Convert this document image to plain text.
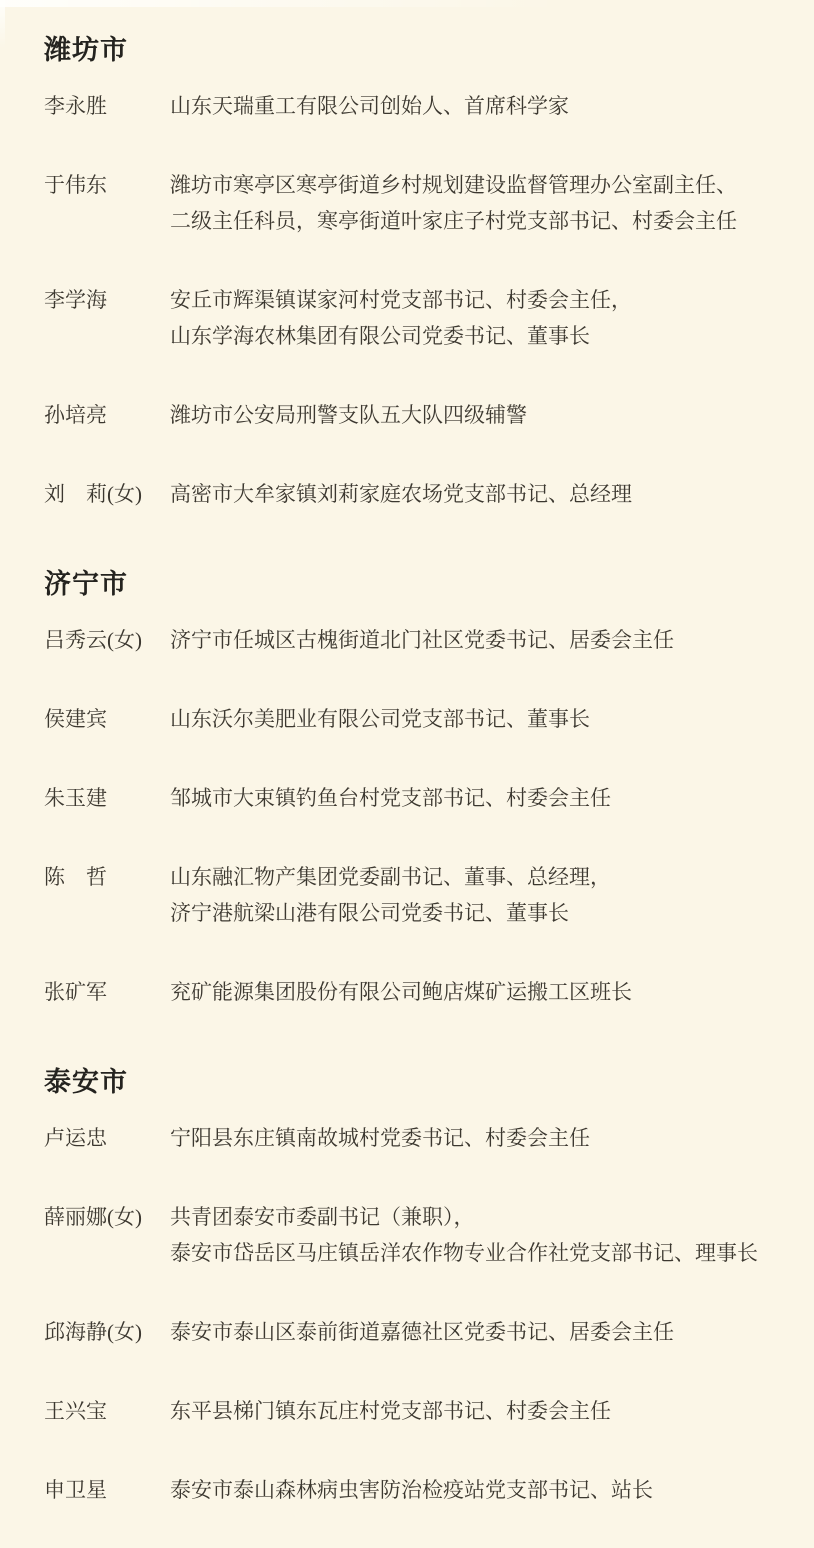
潍坊市
李永胜	山东天瑞重工有限公司创始人、首席科学家
于伟东	潍坊市寒亭区寒亭街道乡村规划建设监督管理办公室副主任、
二级主任科员，寒亭街道叶家庄子村党支部书记、村委会主任
李学海	安丘市辉渠镇谋家河村党支部书记、村委会主任，
山东学海农林集团有限公司党委书记、董事长
孙培亮	潍坊市公安局刑警支队五大队四级辅警
刘　莉(女)	高密市大牟家镇刘莉家庭农场党支部书记、总经理
济宁市
吕秀云(女)	济宁市任城区古槐街道北门社区党委书记、居委会主任
侯建宾	山东沃尔美肥业有限公司党支部书记、董事长
朱玉建	邹城市大束镇钓鱼台村党支部书记、村委会主任
陈　哲	山东融汇物产集团党委副书记、董事、总经理，
济宁港航梁山港有限公司党委书记、董事长
张矿军	兖矿能源集团股份有限公司鲍店煤矿运搬工区班长
泰安市
卢运忠	宁阳县东庄镇南故城村党委书记、村委会主任
薛丽娜(女)	共青团泰安市委副书记（兼职），
泰安市岱岳区马庄镇岳洋农作物专业合作社党支部书记、理事长
邱海静(女)	泰安市泰山区泰前街道嘉德社区党委书记、居委会主任
王兴宝	东平县梯门镇东瓦庄村党支部书记、村委会主任
申卫星	泰安市泰山森林病虫害防治检疫站党支部书记、站长
